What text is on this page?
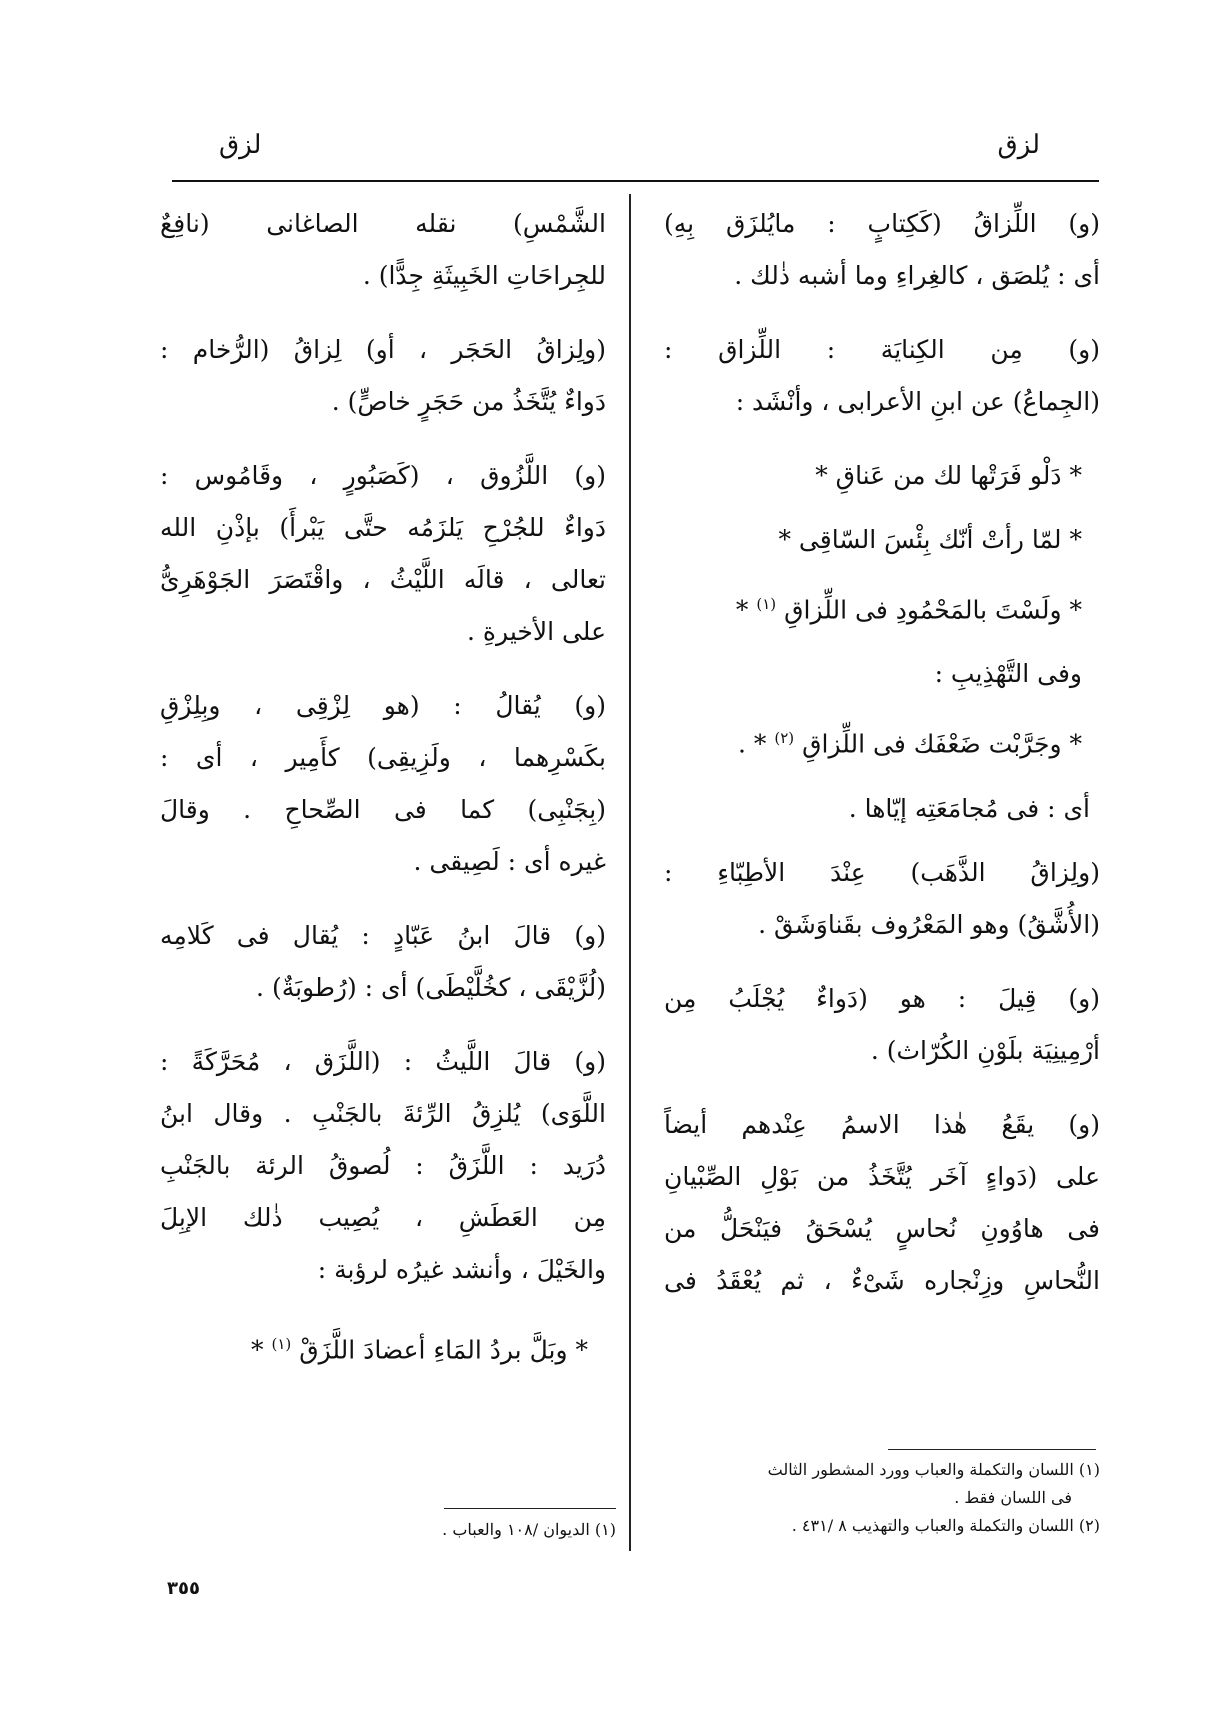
لزق
لزق

(و) اللِّزاقُ (كَكِتابٍ : مايُلزَق بِهِ)
أى : يُلصَق ، كالغِراءِ وما أشبه ذٰلك .

(و) مِن الكِنايَة : اللِّزاق :
(الجِماعُ) عن ابنِ الأعرابى ، وأنْشَد :

* دَلْو فَرَتْها لك من عَناقِ *
* لمّا رأتْ أنّك بِئْسَ السّاقِى *
* ولَسْتَ بالمَحْمُودِ فى اللِّزاقِ $^{(١)}$ *
وفى التَّهْذِيبِ :
* وجَرَّبْت ضَعْفَك فى اللِّزاقِ $^{(٢)}$ * .
أى : فى مُجامَعَتِه إيّاها .

(ولِزاقُ الذَّهَب) عِنْدَ الأطِبّاءِ :
(الأُشَّقُ) وهو المَعْرُوف بقَناوَشَقْ .

(و) قِيلَ : هو (دَواءٌ يُجْلَبُ مِن
أرْمِينِيَة بلَوْنِ الكُرّاث) .

(و) يقَعُ هٰذا الاسمُ عِنْدهم أيضاً
على (دَواءٍ آخَر يُتَّخَذُ من بَوْلِ الصِّبْيانِ
فى هاوُونِ نُحاسٍ يُسْحَقُ فيَنْحَلُّ من
النُّحاسِ وزِنْجاره شَىْءٌ ، ثم يُعْقَدُ فى

(١) اللسان والتكملة والعباب وورد المشطور الثالث
فى اللسان فقط .
(٢) اللسان والتكملة والعباب والتهذيب ٨ /٤٣١ .

الشَّمْسِ) نقله الصاغانى (نافِعٌ
للجِراحَاتِ الخَبِيثَةِ جِدًّا) .

(ولِزاقُ الحَجَر ، أو) لِزاقُ (الرُّخام :
دَواءٌ يُتَّخَذُ من حَجَرٍ خاصٍّ) .

(و) اللَّزُوق ، (كَصَبُورٍ ، وقَامُوس :
دَواءٌ للجُرْحِ يَلزَمُه حتَّى يَبْرأَ) بإذْنِ الله
تعالى ، قالَه اللَّيْثُ ، واقْتَصَرَ الجَوْهَرِىُّ
على الأخيرةِ .

(و) يُقالُ : (هو لِزْقِى ، وبِلِزْقِ
بكَسْرِهما ، ولَزِيقِى) كأَمِير ، أى :
(بِجَنْبِى) كما فى الصِّحاحِ . وقالَ
غيره أى : لَصِيقى .

(و) قالَ ابنُ عَبّادٍ : يُقال فى كَلامِه
(لُزَّيْقَى ، كخُلَّيْطَى) أى : (رُطوبَةٌ) .

(و) قالَ اللَّيثُ : (اللَّزَق ، مُحَرَّكَةً :
اللَّوَى) يُلزِقُ الرِّئةَ بالجَنْبِ . وقال ابنُ
دُرَيد : اللَّزَقُ : لُصوقُ الرئة بالجَنْبِ
مِن العَطَشِ ، يُصِيب ذٰلك الإبِلَ
والخَيْلَ ، وأنشد غيرُه لرؤبة :

* وبَلَّ بردُ المَاءِ أعضادَ اللَّزَقْ $^{(١)}$ *
(١) الديوان /١٠٨ والعباب .
٣٥٥
